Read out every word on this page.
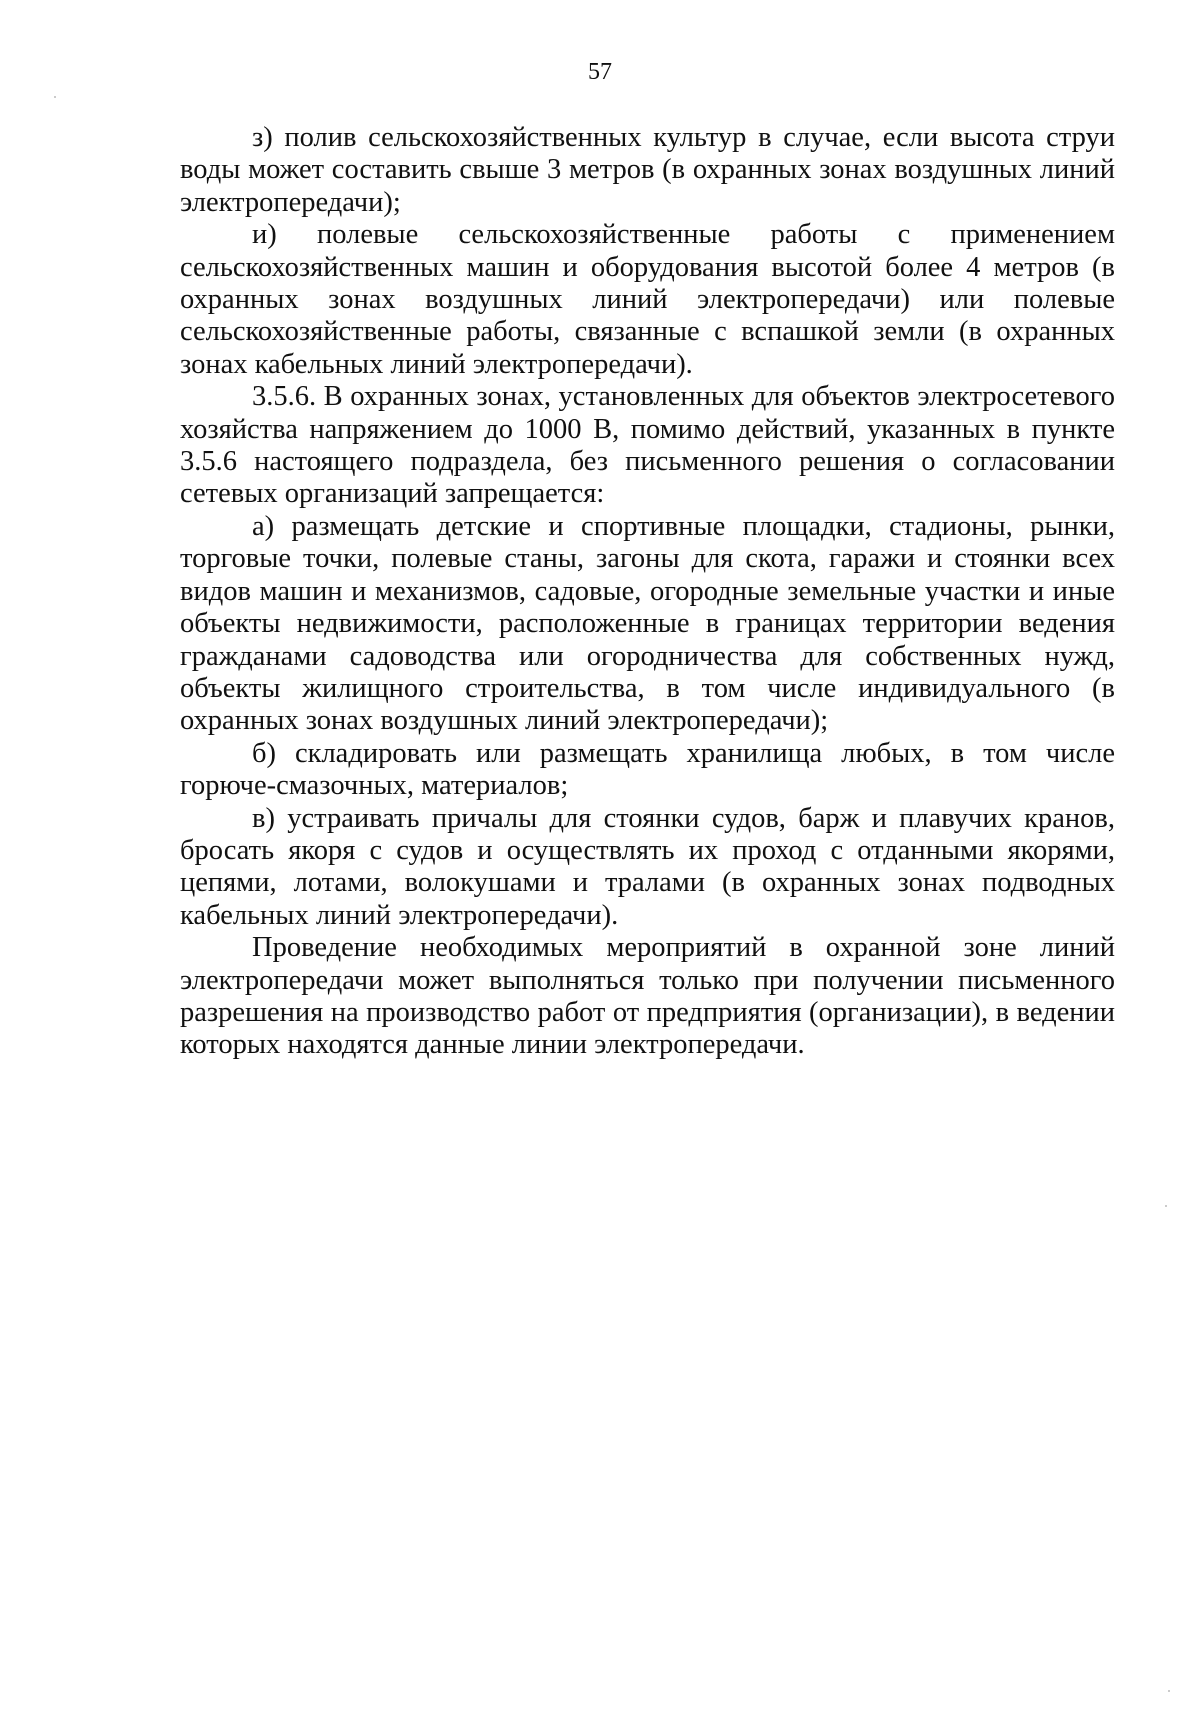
57

з) полив сельскохозяйственных культур в случае, если высота струи воды может составить свыше 3 метров (в охранных зонах воздушных линий электропередачи);

и) полевые сельскохозяйственные работы с применением сельскохозяйственных машин и оборудования высотой более 4 метров (в охранных зонах воздушных линий электропередачи) или полевые сельскохозяйственные работы, связанные с вспашкой земли (в охранных зонах кабельных линий электропередачи).

3.5.6. В охранных зонах, установленных для объектов электросетевого хозяйства напряжением до 1000 В, помимо действий, указанных в пункте 3.5.6 настоящего подраздела, без письменного решения о согласовании сетевых организаций запрещается:

а) размещать детские и спортивные площадки, стадионы, рынки, торговые точки, полевые станы, загоны для скота, гаражи и стоянки всех видов машин и механизмов, садовые, огородные земельные участки и иные объекты недвижимости, расположенные в границах территории ведения гражданами садоводства или огородничества для собственных нужд, объекты жилищного строительства, в том числе индивидуального (в охранных зонах воздушных линий электропередачи);

б) складировать или размещать хранилища любых, в том числе горюче-смазочных, материалов;

в) устраивать причалы для стоянки судов, барж и плавучих кранов, бросать якоря с судов и осуществлять их проход с отданными якорями, цепями, лотами, волокушами и тралами (в охранных зонах подводных кабельных линий электропередачи).

Проведение необходимых мероприятий в охранной зоне линий электропередачи может выполняться только при получении письменного разрешения на производство работ от предприятия (организации), в ведении которых находятся данные линии электропередачи.
